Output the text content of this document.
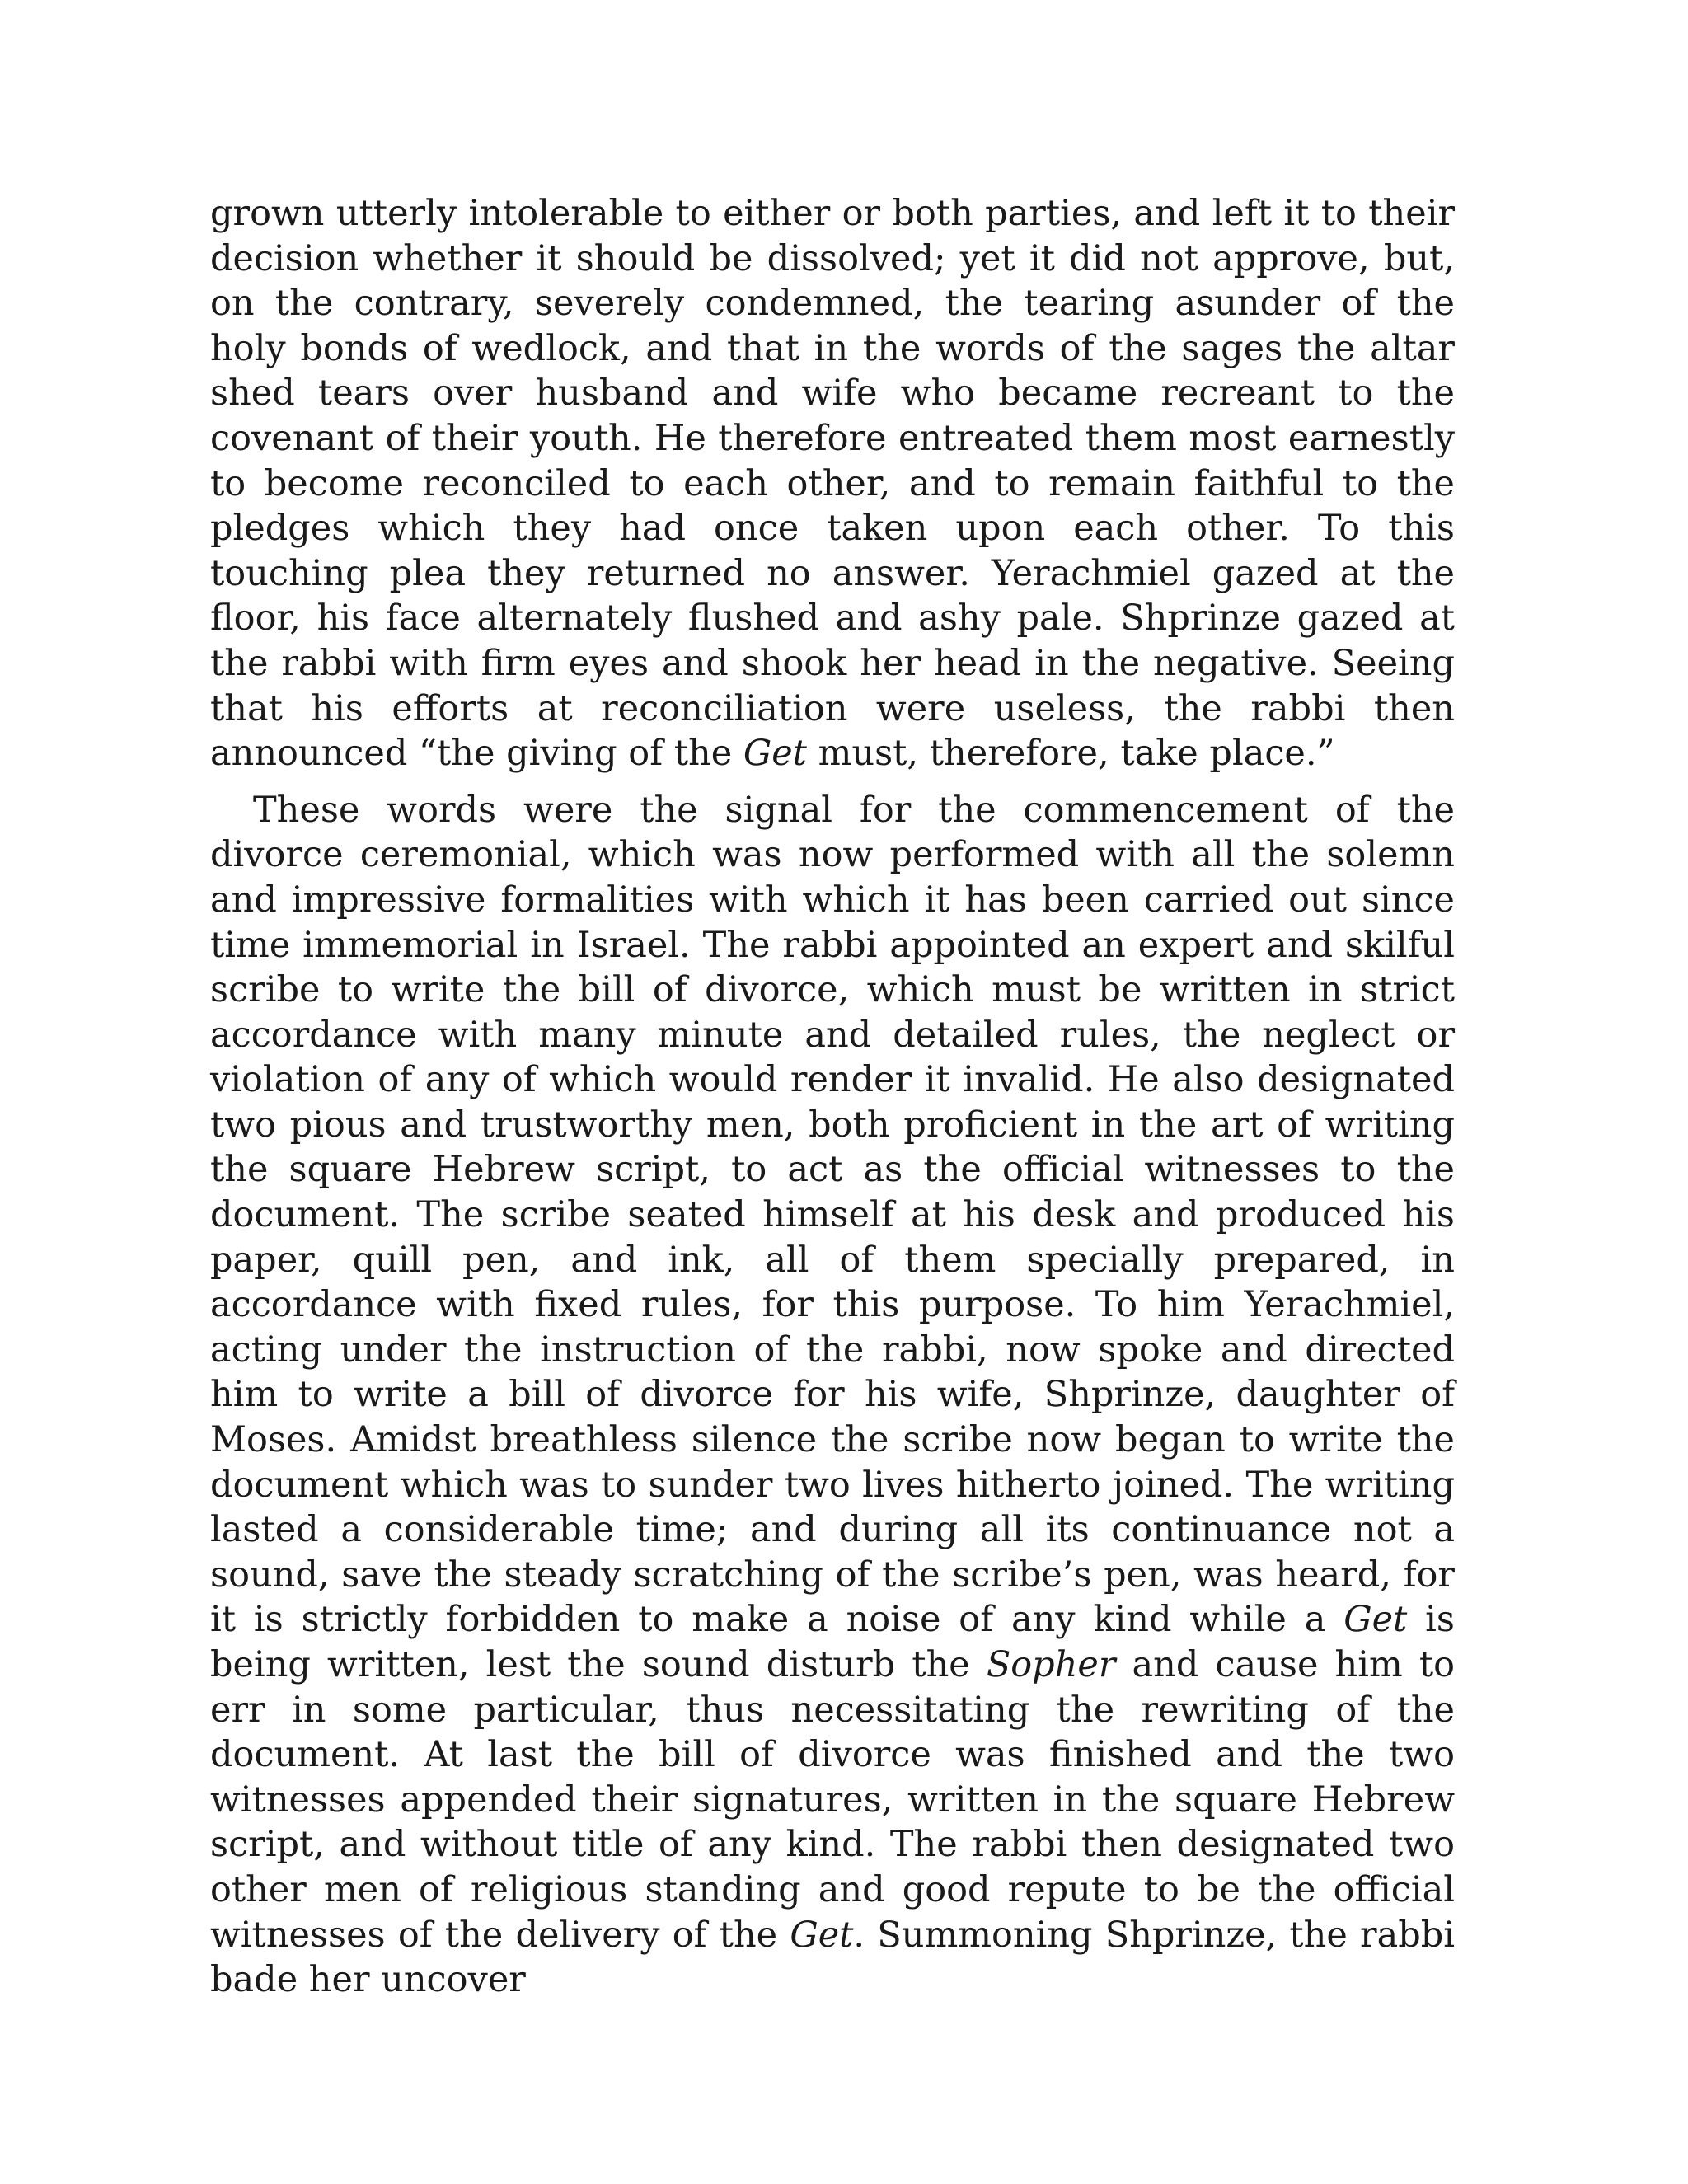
grown utterly intolerable to either or both parties, and left it to their decision whether it should be dissolved; yet it did not approve, but, on the contrary, severely condemned, the tearing asunder of the holy bonds of wedlock, and that in the words of the sages the altar shed tears over husband and wife who became recreant to the covenant of their youth. He therefore entreated them most earnestly to become reconciled to each other, and to remain faithful to the pledges which they had once taken upon each other. To this touching plea they returned no answer. Yerachmiel gazed at the floor, his face alternately flushed and ashy pale. Shprinze gazed at the rabbi with firm eyes and shook her head in the negative. Seeing that his efforts at reconciliation were useless, the rabbi then announced “the giving of the Get must, therefore, take place.”

These words were the signal for the commencement of the divorce ceremonial, which was now performed with all the solemn and impressive formalities with which it has been carried out since time immemorial in Israel. The rabbi appointed an expert and skilful scribe to write the bill of divorce, which must be written in strict accordance with many minute and detailed rules, the neglect or violation of any of which would render it invalid. He also designated two pious and trustworthy men, both proficient in the art of writing the square Hebrew script, to act as the official witnesses to the document. The scribe seated himself at his desk and produced his paper, quill pen, and ink, all of them specially prepared, in accordance with fixed rules, for this purpose. To him Yerachmiel, acting under the instruction of the rabbi, now spoke and directed him to write a bill of divorce for his wife, Shprinze, daughter of Moses. Amidst breathless silence the scribe now began to write the document which was to sunder two lives hitherto joined. The writing lasted a considerable time; and during all its continuance not a sound, save the steady scratching of the scribe’s pen, was heard, for it is strictly forbidden to make a noise of any kind while a Get is being written, lest the sound disturb the Sopher and cause him to err in some particular, thus necessitating the rewriting of the document. At last the bill of divorce was finished and the two witnesses appended their signatures, written in the square Hebrew script, and without title of any kind. The rabbi then designated two other men of religious standing and good repute to be the official witnesses of the delivery of the Get. Summoning Shprinze, the rabbi bade her uncover
